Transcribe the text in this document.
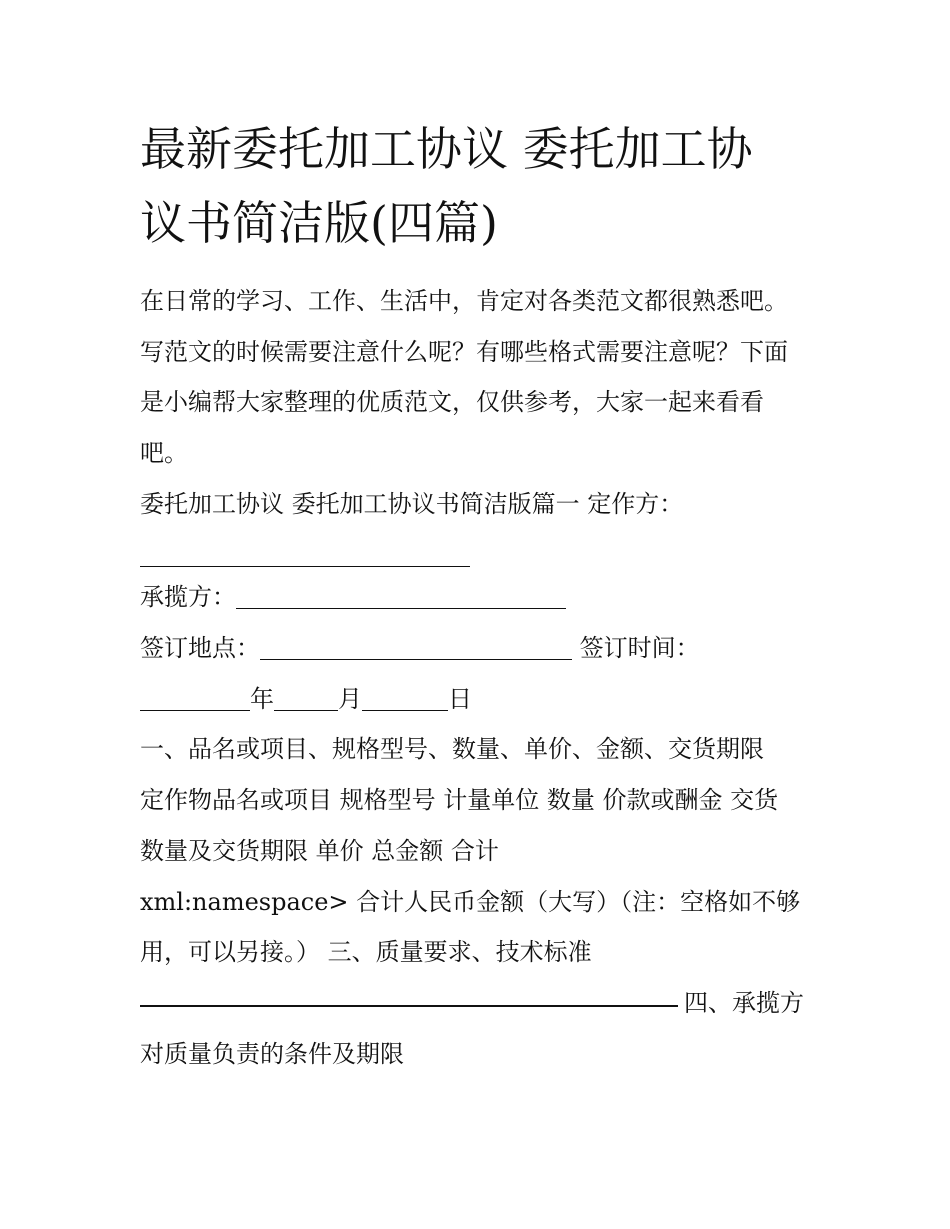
最新委托加工协议 委托加工协
议书简洁版(四篇)
在日常的学习、工作、生活中，肯定对各类范文都很熟悉吧。
写范文的时候需要注意什么呢？有哪些格式需要注意呢？下面
是小编帮大家整理的优质范文，仅供参考，大家一起来看看
吧。
委托加工协议 委托加工协议书简洁版篇一 定作方：
承揽方：
签订地点：	签订时间：
年	月	日
一、品名或项目、规格型号、数量、单价、金额、交货期限
定作物品名或项目 规格型号 计量单位 数量 价款或酬金 交货
数量及交货期限 单价 总金额 合计
xml:namespace> 合计人民币金额（大写）（注：空格如不够
用，可以另接。） 三、质量要求、技术标准
四、承揽方
对质量负责的条件及期限
